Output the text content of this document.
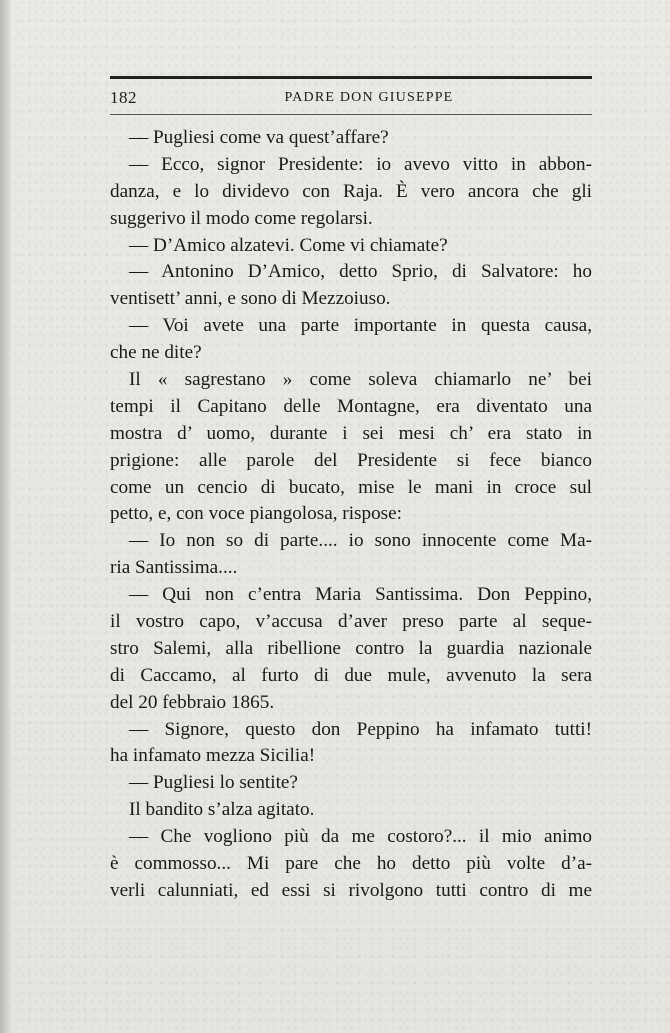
182	PADRE DON GIUSEPPE
— Pugliesi come va quest’affare?
— Ecco, signor Presidente: io avevo vitto in abbon-
danza, e lo dividevo con Raja. È vero ancora che gli
suggerivo il modo come regolarsi.
— D’Amico alzatevi. Come vi chiamate?
— Antonino D’Amico, detto Sprio, di Salvatore: ho
ventisett’ anni, e sono di Mezzoiuso.
— Voi avete una parte importante in questa causa,
che ne dite?
Il « sagrestano » come soleva chiamarlo ne’ bei
tempi il Capitano delle Montagne, era diventato una
mostra d’ uomo, durante i sei mesi ch’ era stato in
prigione: alle parole del Presidente si fece bianco
come un cencio di bucato, mise le mani in croce sul
petto, e, con voce piangolosa, rispose:
— Io non so di parte.... io sono innocente come Ma-
ria Santissima....
— Qui non c’entra Maria Santissima. Don Peppino,
il vostro capo, v’accusa d’aver preso parte al seque-
stro Salemi, alla ribellione contro la guardia nazionale
di Caccamo, al furto di due mule, avvenuto la sera
del 20 febbraio 1865.
— Signore, questo don Peppino ha infamato tutti!
ha infamato mezza Sicilia!
— Pugliesi lo sentite?
Il bandito s’alza agitato.
— Che vogliono più da me costoro?... il mio animo
è commosso... Mi pare che ho detto più volte d’a-
verli calunniati, ed essi si rivolgono tutti contro di me
